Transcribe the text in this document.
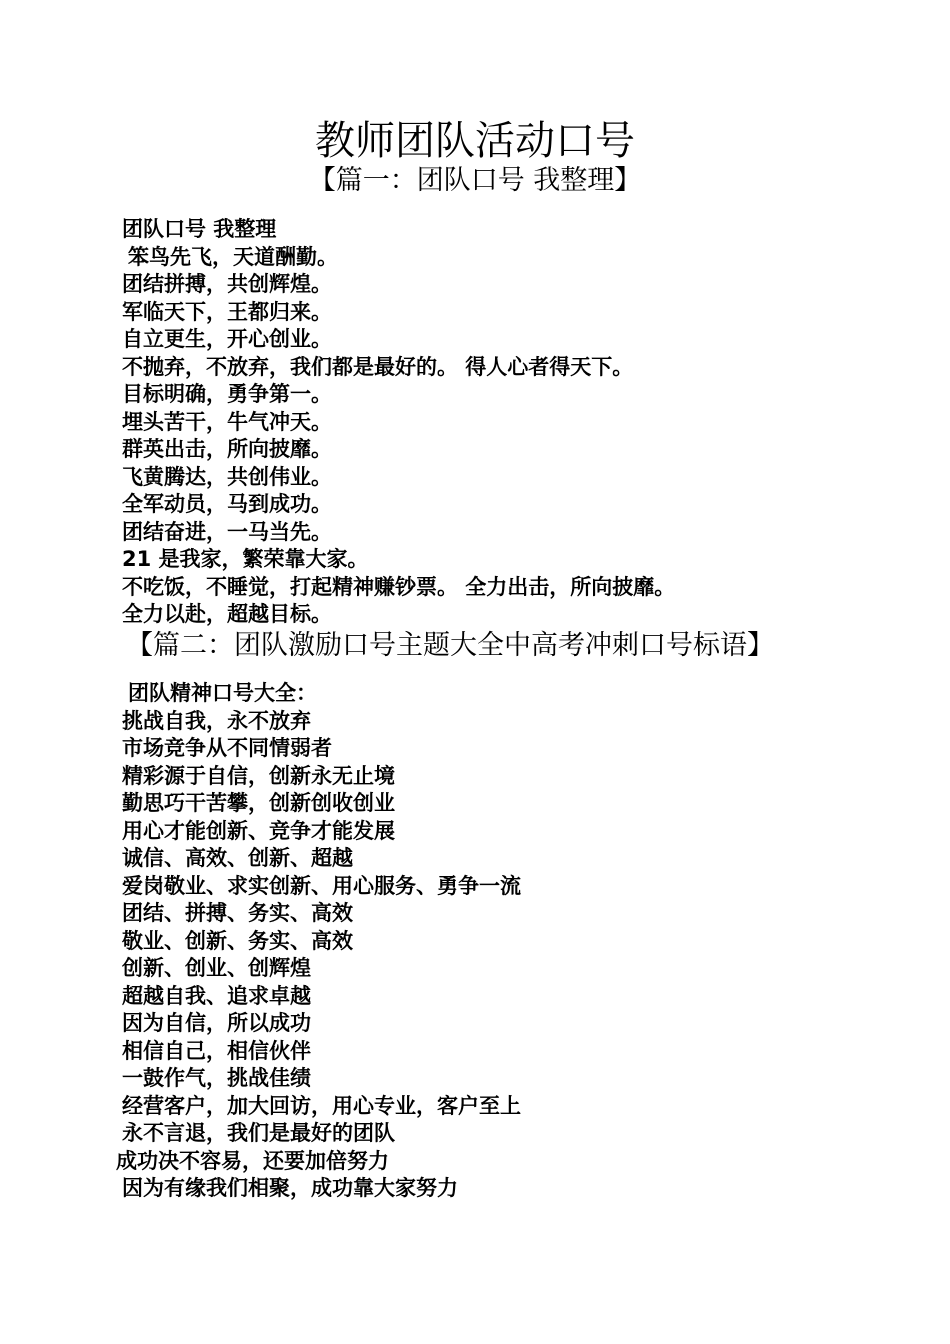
教师团队活动口号
【篇一：团队口号 我整理】
团队口号 我整理
笨鸟先飞，天道酬勤。
团结拼搏，共创辉煌。
军临天下，王都归来。
自立更生，开心创业。
不抛弃，不放弃，我们都是最好的。 得人心者得天下。
目标明确，勇争第一。
埋头苦干，牛气冲天。
群英出击，所向披靡。
飞黄腾达，共创伟业。
全军动员，马到成功。
团结奋进，一马当先。
21 是我家，繁荣靠大家。
不吃饭，不睡觉，打起精神赚钞票。 全力出击，所向披靡。
全力以赴，超越目标。
【篇二：团队激励口号主题大全中高考冲刺口号标语】
团队精神口号大全：
挑战自我，永不放弃
市场竞争从不同情弱者
精彩源于自信，创新永无止境
勤思巧干苦攀，创新创收创业
用心才能创新、竞争才能发展
诚信、高效、创新、超越
爱岗敬业、求实创新、用心服务、勇争一流
团结、拼搏、务实、高效
敬业、创新、务实、高效
创新、创业、创辉煌
超越自我、追求卓越
因为自信，所以成功
相信自己，相信伙伴
一鼓作气，挑战佳绩
经营客户，加大回访，用心专业，客户至上
永不言退，我们是最好的团队
成功决不容易，还要加倍努力
因为有缘我们相聚，成功靠大家努力
